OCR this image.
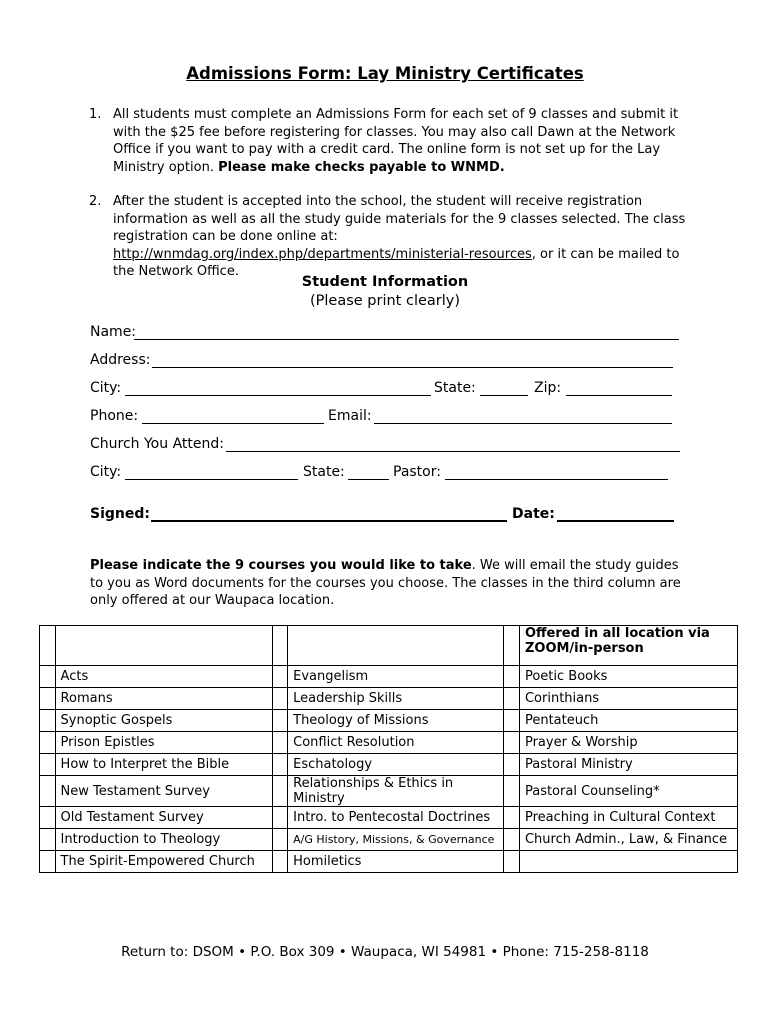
Admissions Form: Lay Ministry Certificates
1. All students must complete an Admissions Form for each set of 9 classes and submit it with the $25 fee before registering for classes. You may also call Dawn at the Network Office if you want to pay with a credit card. The online form is not set up for the Lay Ministry option. Please make checks payable to WNMD.
2. After the student is accepted into the school, the student will receive registration information as well as all the study guide materials for the 9 classes selected. The class registration can be done online at: http://wnmdag.org/index.php/departments/ministerial-resources, or it can be mailed to the Network Office.
Student Information
(Please print clearly)
Name:
Address:
City:	State:	Zip:
Phone:	Email:
Church You Attend:
City:	State:	Pastor:
Signed:	Date:
Please indicate the 9 courses you would like to take. We will email the study guides to you as Word documents for the courses you choose. The classes in the third column are only offered at our Waupaca location.
					Offered in all location via ZOOM/in-person
	Acts		Evangelism		Poetic Books
	Romans		Leadership Skills		Corinthians
	Synoptic Gospels		Theology of Missions		Pentateuch
	Prison Epistles		Conflict Resolution		Prayer & Worship
	How to Interpret the Bible		Eschatology		Pastoral Ministry
	New Testament Survey		Relationships & Ethics in Ministry		Pastoral Counseling*
	Old Testament Survey		Intro. to Pentecostal Doctrines		Preaching in Cultural Context
	Introduction to Theology		A/G History, Missions, & Governance		Church Admin., Law, & Finance
	The Spirit-Empowered Church		Homiletics		
Return to: DSOM • P.O. Box 309 • Waupaca, WI 54981 • Phone: 715-258-8118
